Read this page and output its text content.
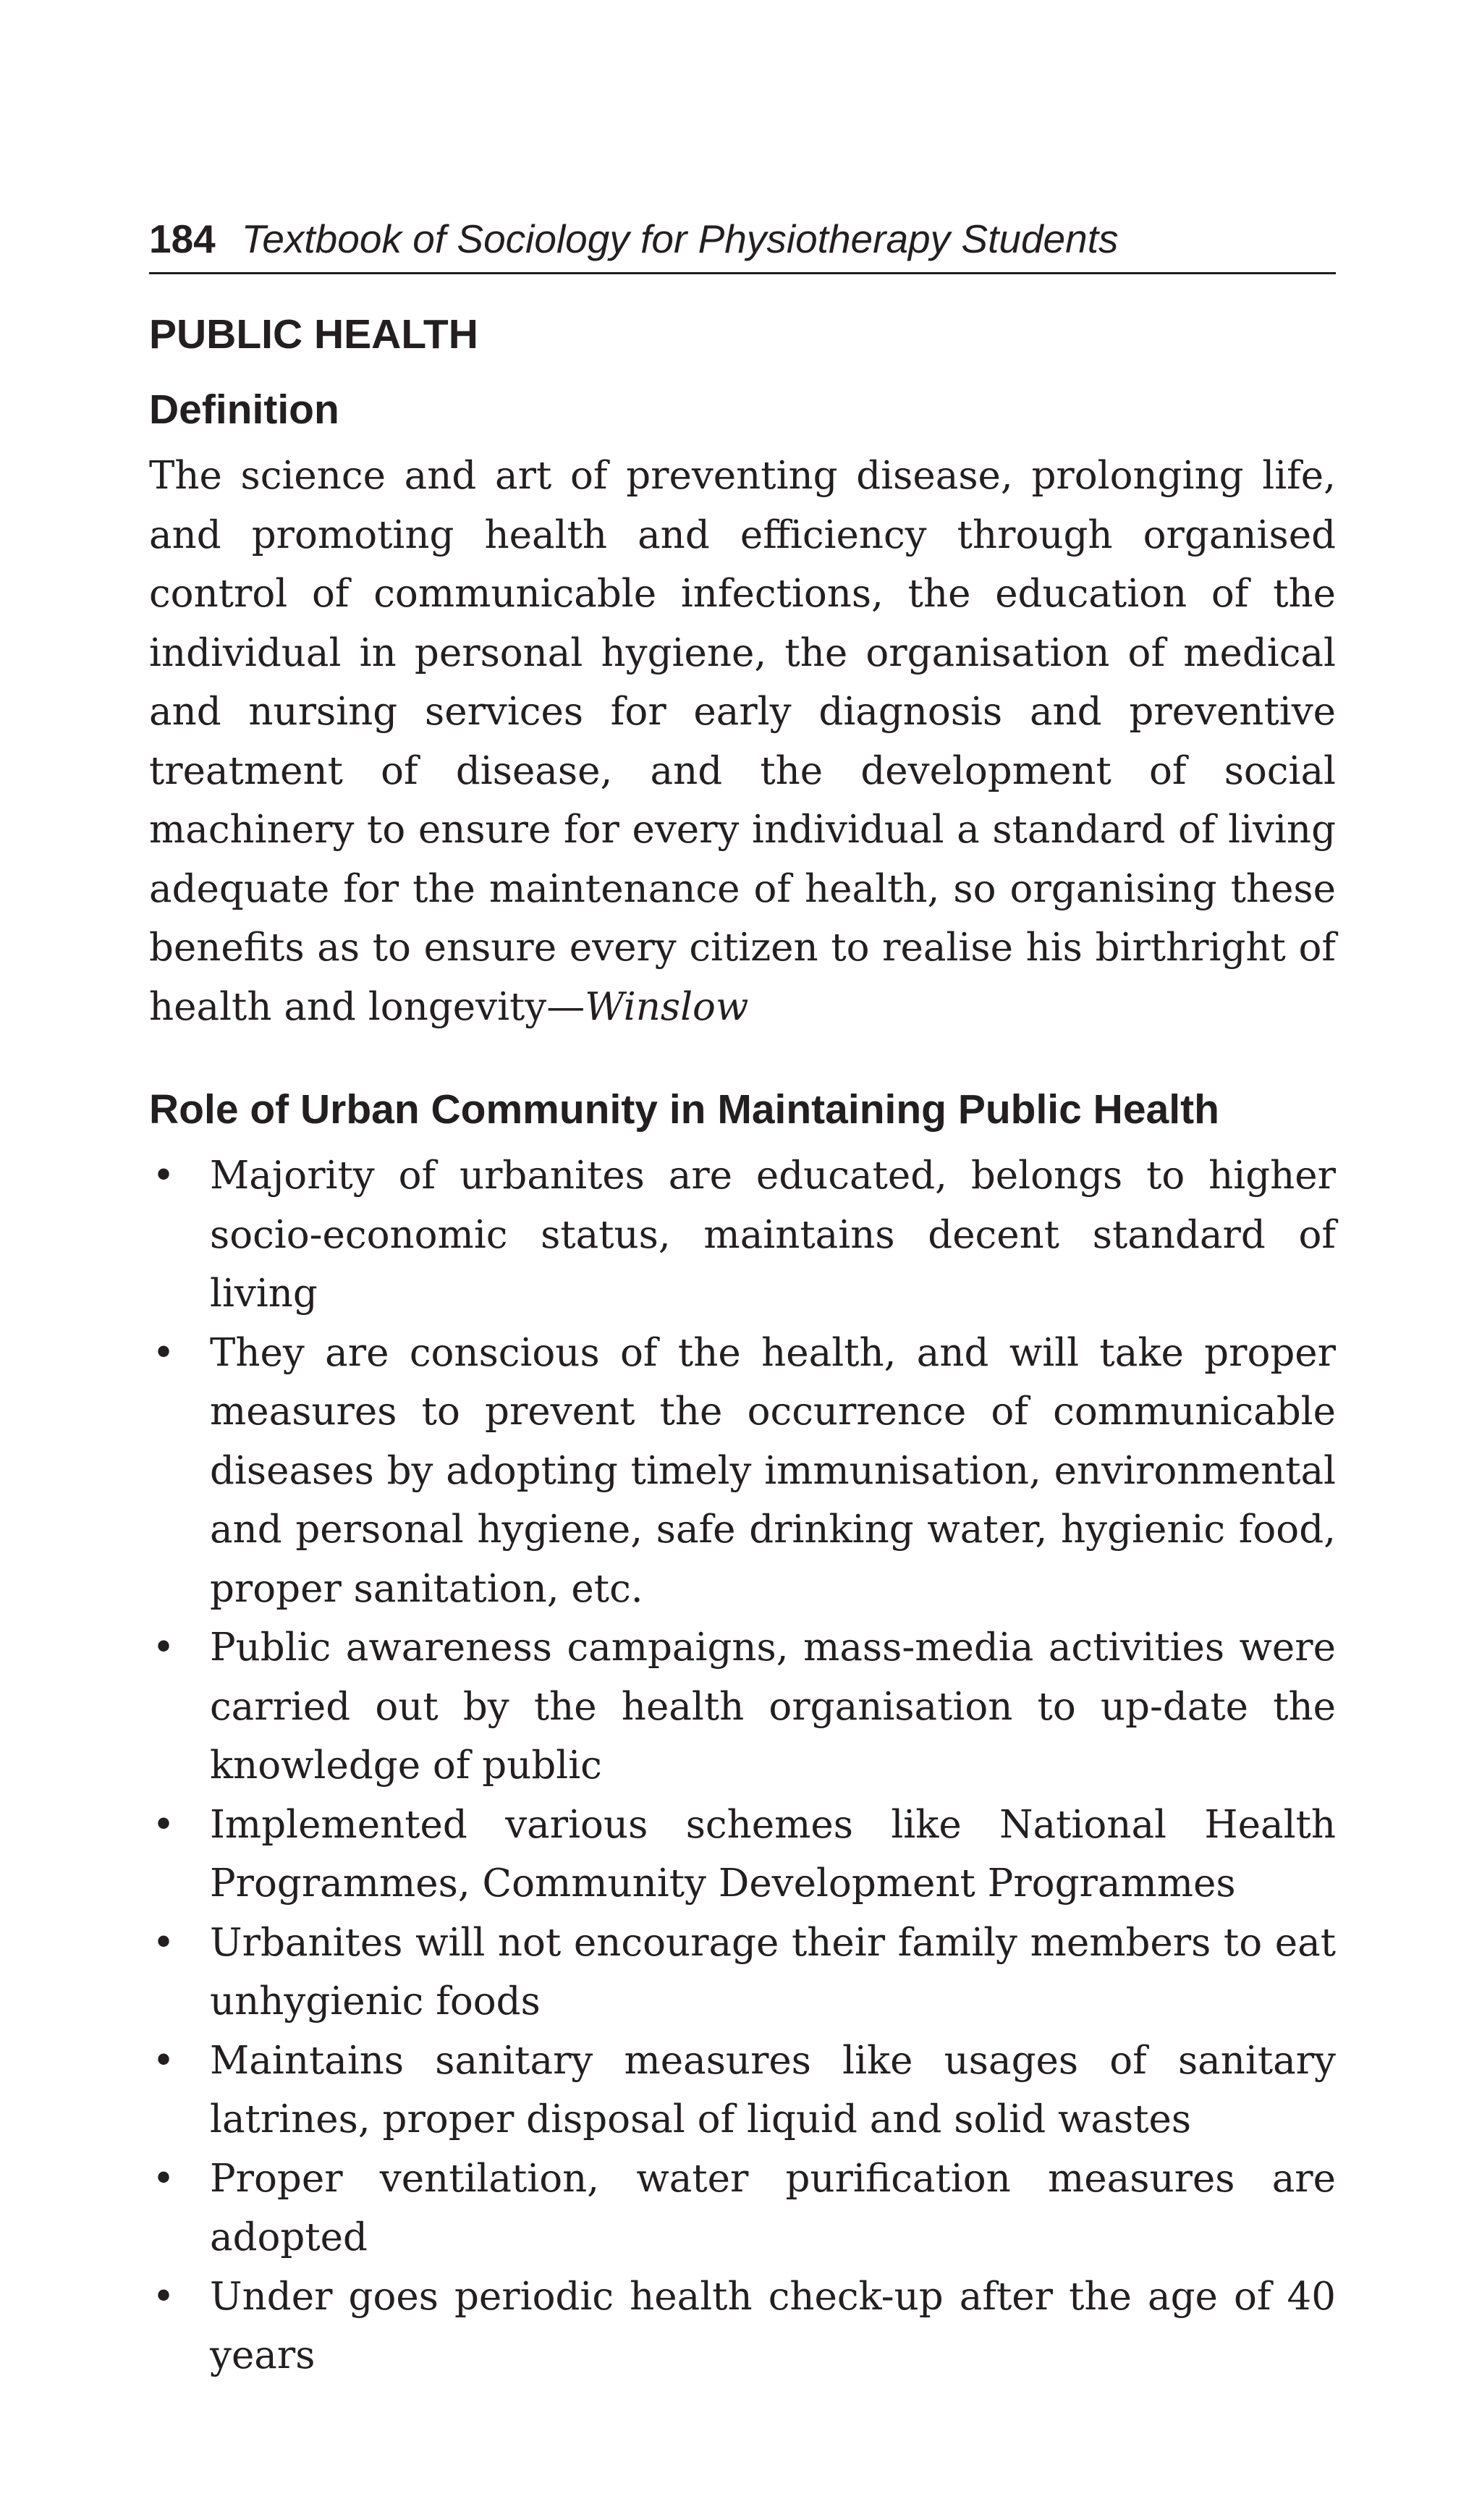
184 Textbook of Sociology for Physiotherapy Students
PUBLIC HEALTH
Definition

The science and art of preventing disease, prolonging life, and promoting health and efficiency through organised control of communicable infections, the education of the individual in personal hygiene, the organisation of medical and nursing services for early diagnosis and preventive treatment of disease, and the development of social machinery to ensure for every individual a standard of living adequate for the maintenance of health, so organising these benefits as to ensure every citizen to realise his birthright of health and longevity—Winslow

Role of Urban Community in Maintaining Public Health
• Majority of urbanites are educated, belongs to higher socio-economic status, maintains decent standard of living
• They are conscious of the health, and will take proper measures to prevent the occurrence of communicable diseases by adopting timely immunisation, environmental and personal hygiene, safe drinking water, hygienic food, proper sanitation, etc.
• Public awareness campaigns, mass-media activities were carried out by the health organisation to up-date the knowledge of public
• Implemented various schemes like National Health Programmes, Community Development Programmes
• Urbanites will not encourage their family members to eat unhygienic foods
• Maintains sanitary measures like usages of sanitary latrines, proper disposal of liquid and solid wastes
• Proper ventilation, water purification measures are adopted
• Under goes periodic health check-up after the age of 40 years
